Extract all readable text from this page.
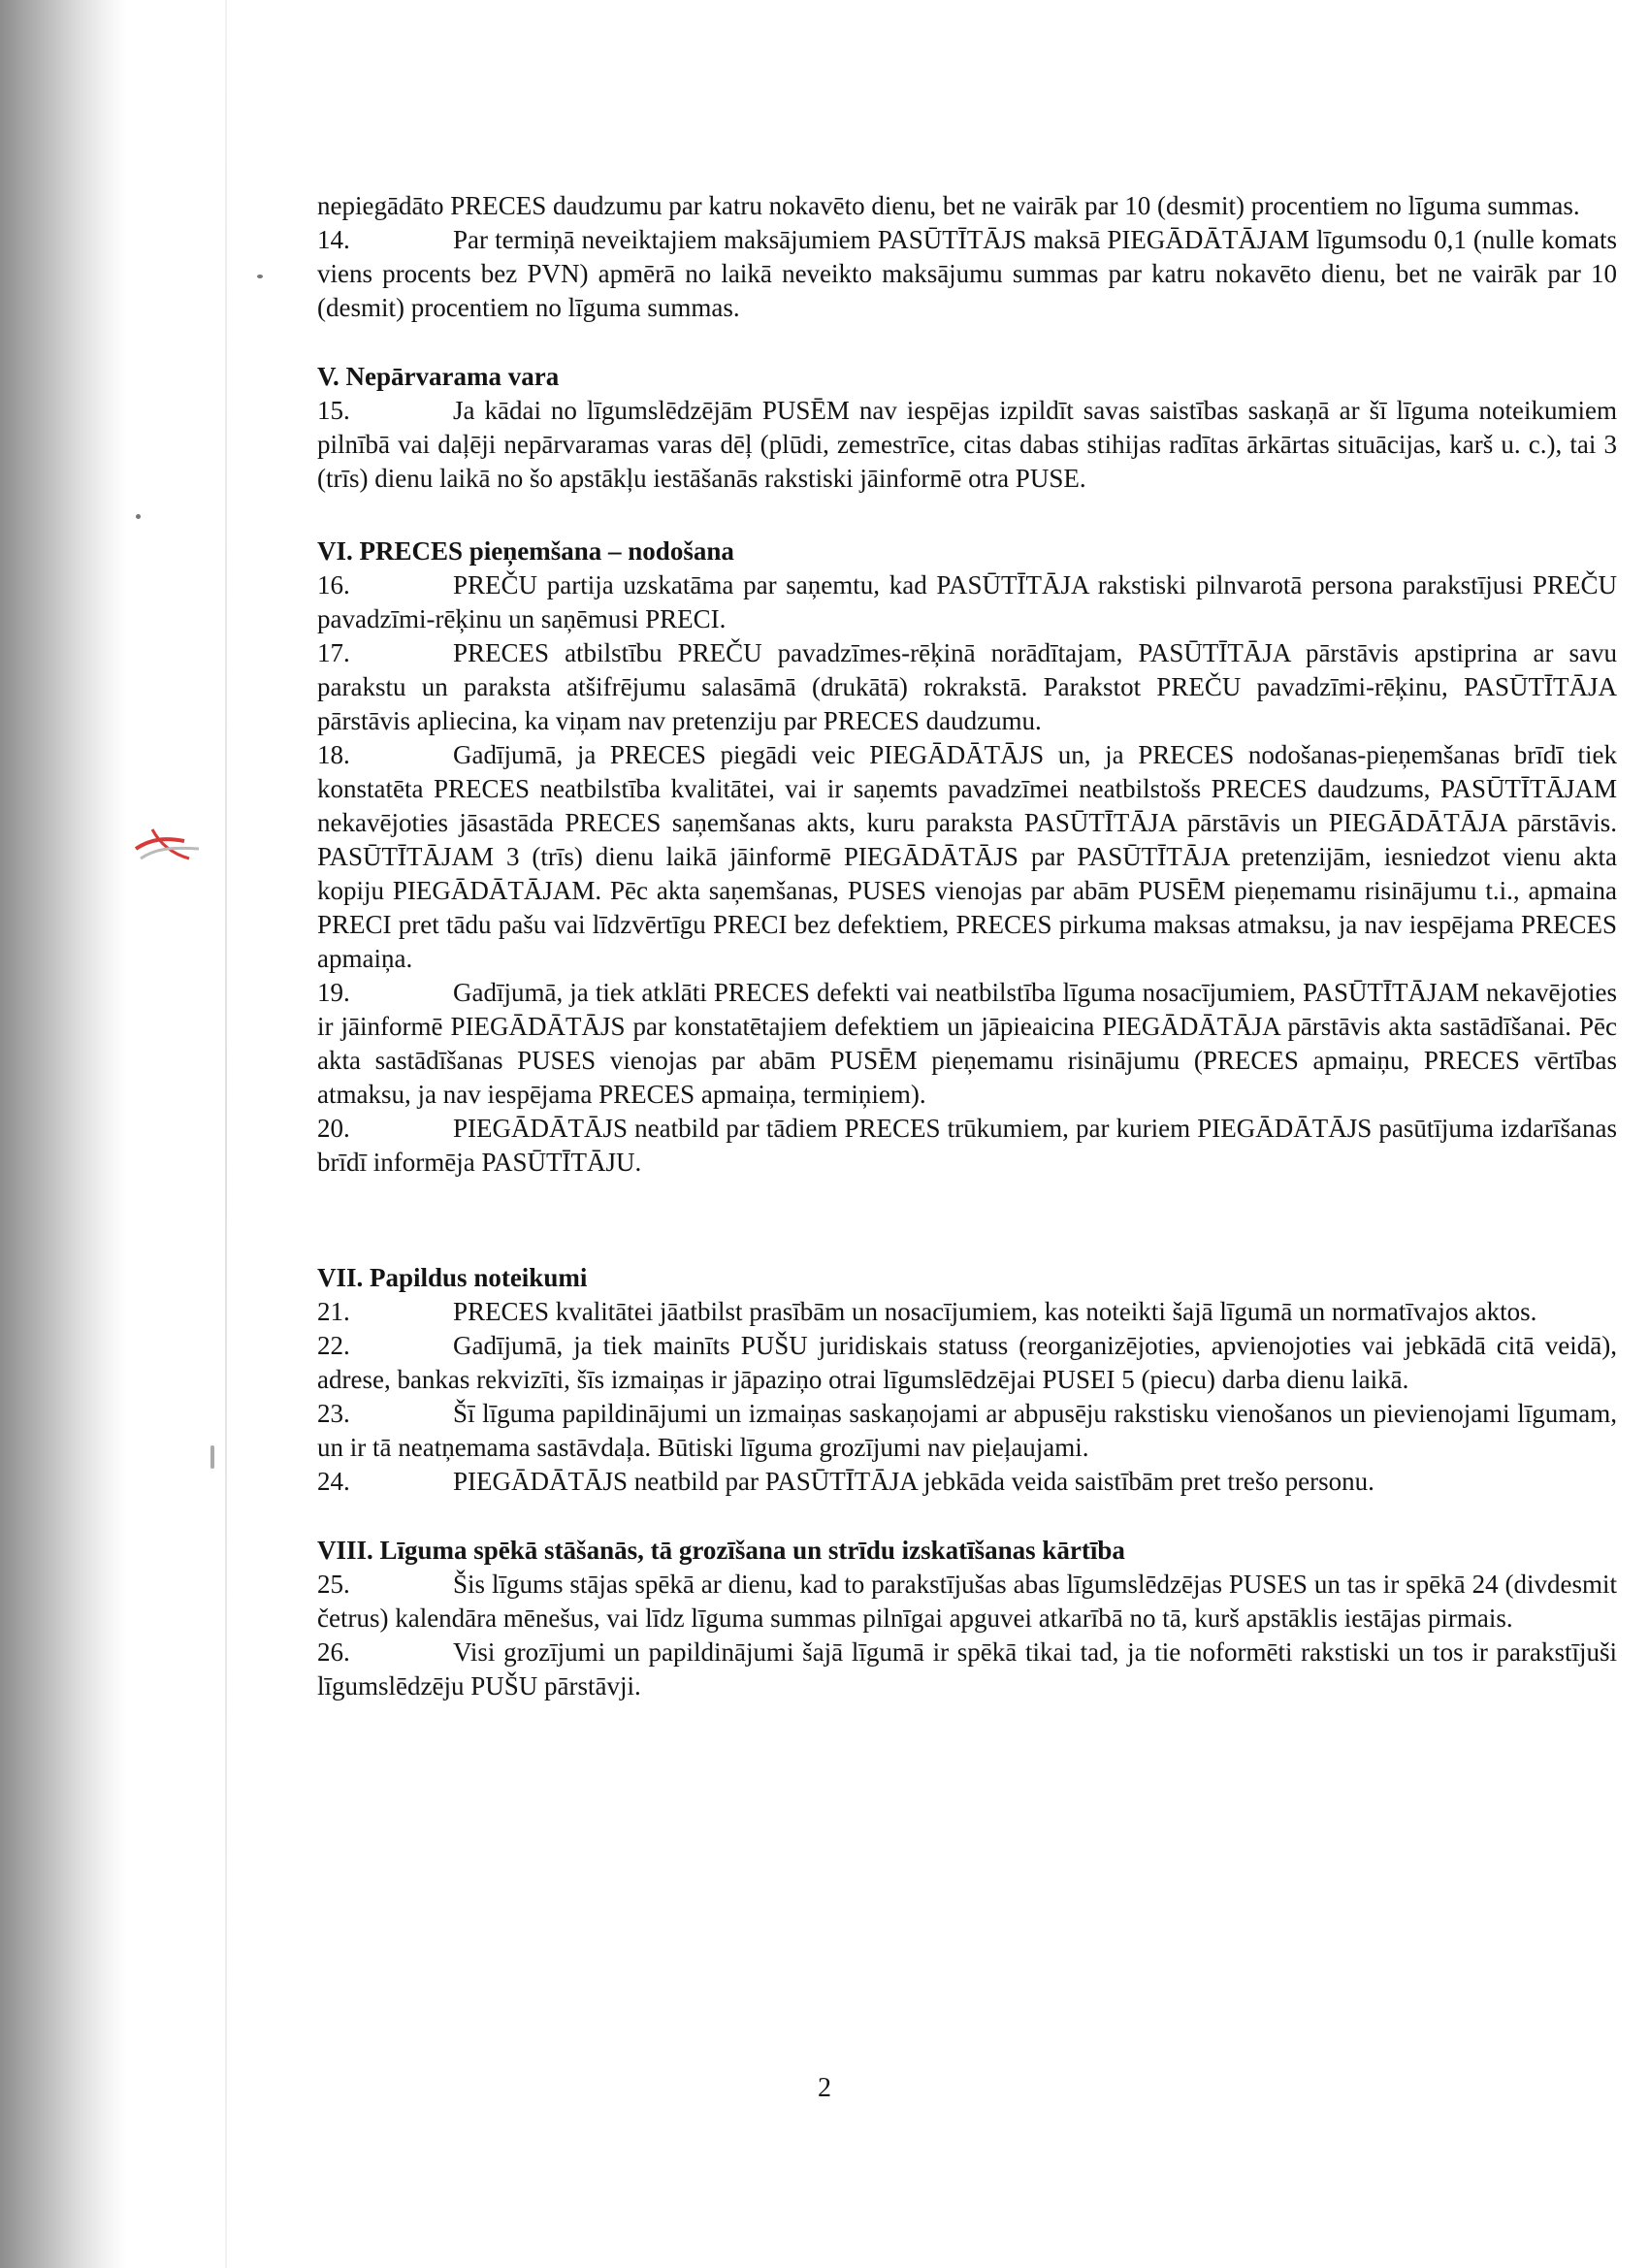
nepiegādāto PRECES daudzumu par katru nokavēto dienu, bet ne vairāk par 10 (desmit) procentiem no līguma summas.

14.	Par termiņā neveiktajiem maksājumiem PASŪTĪTĀJS maksā PIEGĀDĀTĀJAM līgumsodu 0,1 (nulle komats viens procents bez PVN) apmērā no laikā neveikto maksājumu summas par katru nokavēto dienu, bet ne vairāk par 10 (desmit) procentiem no līguma summas.

V. Nepārvarama vara

15.	Ja kādai no līgumslēdzējām PUSĒM nav iespējas izpildīt savas saistības saskaņā ar šī līguma noteikumiem pilnībā vai daļēji nepārvaramas varas dēļ (plūdi, zemestrīce, citas dabas stihijas radītas ārkārtas situācijas, karš u. c.), tai 3 (trīs) dienu laikā no šo apstākļu iestāšanās rakstiski jāinformē otra PUSE.

VI. PRECES pieņemšana – nodošana

16.	PREČU partija uzskatāma par saņemtu, kad PASŪTĪTĀJA rakstiski pilnvarotā persona parakstījusi PREČU pavadzīmi-rēķinu un saņēmusi PRECI.

17.	PRECES atbilstību PREČU pavadzīmes-rēķinā norādītajam, PASŪTĪTĀJA pārstāvis apstiprina ar savu parakstu un paraksta atšifrējumu salasāmā (drukātā) rokrakstā. Parakstot PREČU pavadzīmi-rēķinu, PASŪTĪTĀJA pārstāvis apliecina, ka viņam nav pretenziju par PRECES daudzumu.

18.	Gadījumā, ja PRECES piegādi veic PIEGĀDĀTĀJS un, ja PRECES nodošanas-pieņemšanas brīdī tiek konstatēta PRECES neatbilstība kvalitātei, vai ir saņemts pavadzīmei neatbilstošs PRECES daudzums, PASŪTĪTĀJAM nekavējoties jāsastāda PRECES saņemšanas akts, kuru paraksta PASŪTĪTĀJA pārstāvis un PIEGĀDĀTĀJA pārstāvis. PASŪTĪTĀJAM 3 (trīs) dienu laikā jāinformē PIEGĀDĀTĀJS par PASŪTĪTĀJA pretenzijām, iesniedzot vienu akta kopiju PIEGĀDĀTĀJAM. Pēc akta saņemšanas, PUSES vienojas par abām PUSĒM pieņemamu risinājumu t.i., apmaina PRECI pret tādu pašu vai līdzvērtīgu PRECI bez defektiem, PRECES pirkuma maksas atmaksu, ja nav iespējama PRECES apmaiņa.

19.	Gadījumā, ja tiek atklāti PRECES defekti vai neatbilstība līguma nosacījumiem, PASŪTĪTĀJAM nekavējoties ir jāinformē PIEGĀDĀTĀJS par konstatētajiem defektiem un jāpieaicina PIEGĀDĀTĀJA pārstāvis akta sastādīšanai. Pēc akta sastādīšanas PUSES vienojas par abām PUSĒM pieņemamu risinājumu (PRECES apmaiņu, PRECES vērtības atmaksu, ja nav iespējama PRECES apmaiņa, termiņiem).

20.	PIEGĀDĀTĀJS neatbild par tādiem PRECES trūkumiem, par kuriem PIEGĀDĀTĀJS pasūtījuma izdarīšanas brīdī informēja PASŪTĪTĀJU.

VII. Papildus noteikumi

21.	PRECES kvalitātei jāatbilst prasībām un nosacījumiem, kas noteikti šajā līgumā un normatīvajos aktos.

22.	Gadījumā, ja tiek mainīts PUŠU juridiskais statuss (reorganizējoties, apvienojoties vai jebkādā citā veidā), adrese, bankas rekvizīti, šīs izmaiņas ir jāpaziņo otrai līgumslēdzējai PUSEI 5 (piecu) darba dienu laikā.

23.	Šī līguma papildinājumi un izmaiņas saskaņojami ar abpusēju rakstisku vienošanos un pievienojami līgumam, un ir tā neatņemama sastāvdaļa. Būtiski līguma grozījumi nav pieļaujami.

24.	PIEGĀDĀTĀJS neatbild par PASŪTĪTĀJA jebkāda veida saistībām pret trešo personu.

VIII. Līguma spēkā stāšanās, tā grozīšana un strīdu izskatīšanas kārtība

25.	Šis līgums stājas spēkā ar dienu, kad to parakstījušas abas līgumslēdzējas PUSES un tas ir spēkā 24 (divdesmit četrus) kalendāra mēnešus, vai līdz līguma summas pilnīgai apguvei atkarībā no tā, kurš apstāklis iestājas pirmais.

26.	Visi grozījumi un papildinājumi šajā līgumā ir spēkā tikai tad, ja tie noformēti rakstiski un tos ir parakstījuši līgumslēdzēju PUŠU pārstāvji.

2
